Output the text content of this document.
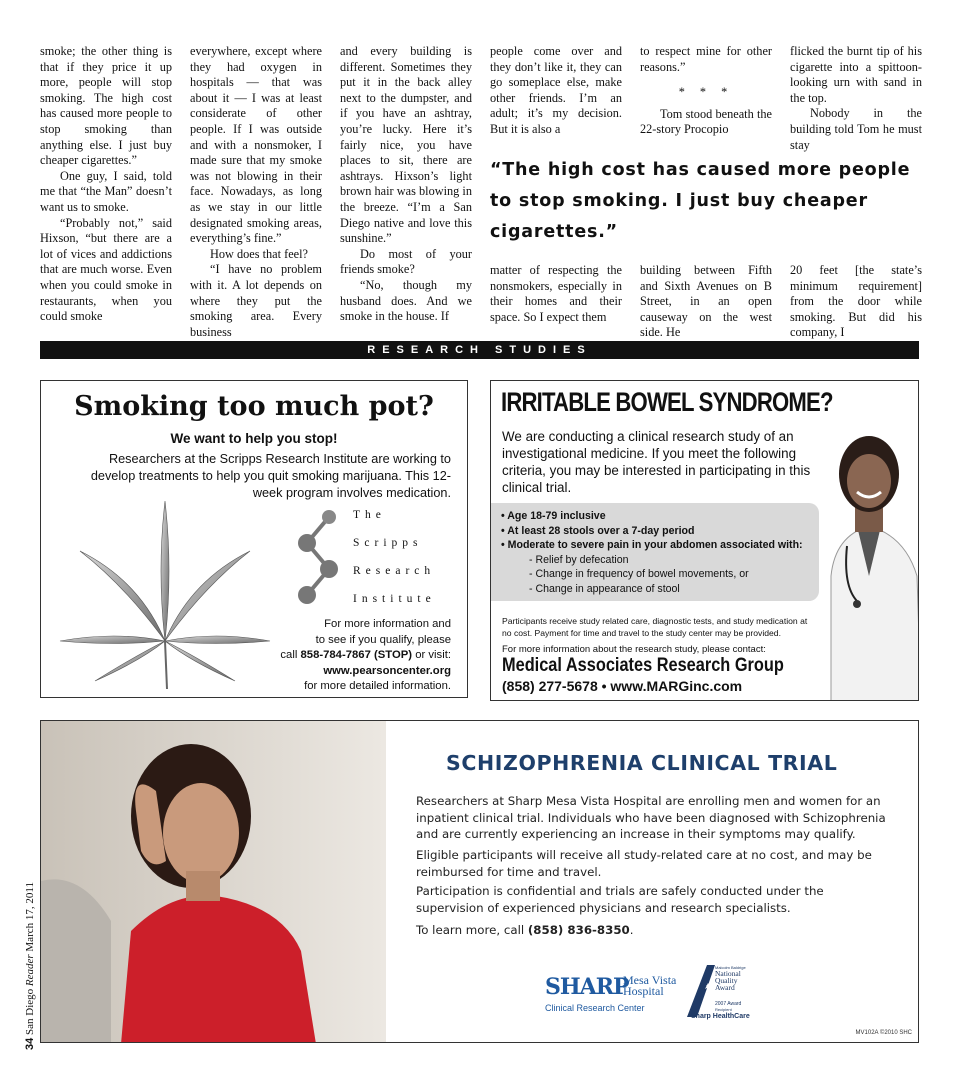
smoke; the other thing is that if they price it up more, people will stop smoking. The high cost has caused more people to stop smoking than anything else. I just buy cheaper cigarettes.”

One guy, I said, told me that “the Man” doesn’t want us to smoke.

“Probably not,” said Hixson, “but there are a lot of vices and addictions that are much worse. Even when you could smoke in restaurants, when you could smoke

everywhere, except where they had oxygen in hospitals — that was about it — I was at least considerate of other people. If I was outside and with a nonsmoker, I made sure that my smoke was not blowing in their face. Nowadays, as long as we stay in our little designated smoking areas, everything’s fine.”

How does that feel?

“I have no problem with it. A lot depends on where they put the smoking area. Every business

and every building is different. Sometimes they put it in the back alley next to the dumpster, and if you have an ashtray, you’re lucky. Here it’s fairly nice, you have places to sit, there are ashtrays. Hixson’s light brown hair was blowing in the breeze. “I’m a San Diego native and love this sunshine.”

Do most of your friends smoke?

“No, though my husband does. And we smoke in the house. If

people come over and they don’t like it, they can go someplace else, make other friends. I’m an adult; it’s my decision. But it is also a

to respect mine for other reasons.”

* * *

Tom stood beneath the 22-story Procopio

flicked the burnt tip of his cigarette into a spittoon-looking urn with sand in the top.

Nobody in the building told Tom he must stay

“The high cost has caused more people to stop smoking. I just buy cheaper cigarettes.”

matter of respecting the nonsmokers, especially in their homes and their space. So I expect them

building between Fifth and Sixth Avenues on B Street, in an open causeway on the west side. He

20 feet [the state’s minimum requirement] from the door while smoking. But did his company, I

RESEARCH STUDIES
Smoking too much pot?
We want to help you stop!
Researchers at the Scripps Research Institute are working to develop treatments to help you quit smoking marijuana. This 12-week program involves medication.
The
Scripps
Research
Institute
For more information and
to see if you qualify, please
call 858-784-7867 (STOP) or visit:
www.pearsoncenter.org
for more detailed information.
IRRITABLE BOWEL SYNDROME?
We are conducting a clinical research study of an investigational medicine. If you meet the following criteria, you may be interested in participating in this clinical trial.
• Age 18-79 inclusive
• At least 28 stools over a 7-day period
• Moderate to severe pain in your abdomen associated with:
- Relief by defecation
- Change in frequency of bowel movements, or
- Change in appearance of stool
Participants receive study related care, diagnostic tests, and study medication at no cost. Payment for time and travel to the study center may be provided.
For more information about the research study, please contact:
Medical Associates Research Group
(858) 277-5678 • www.MARGinc.com
SCHIZOPHRENIA CLINICAL TRIAL
Researchers at Sharp Mesa Vista Hospital are enrolling men and women for an inpatient clinical trial. Individuals who have been diagnosed with Schizophrenia and are currently experiencing an increase in their symptoms may qualify.
Eligible participants will receive all study-related care at no cost, and may be reimbursed for time and travel.
Participation is confidential and trials are safely conducted under the supervision of experienced physicians and research specialists.
To learn more, call (858) 836-8350.
SHARP
Mesa Vista
Hospital
Clinical Research Center
Malcolm Baldrige
National
Quality
Award
2007 Award
Recipient
Sharp HealthCare
MV102A ©2010 SHC
34 San Diego Reader March 17, 2011
